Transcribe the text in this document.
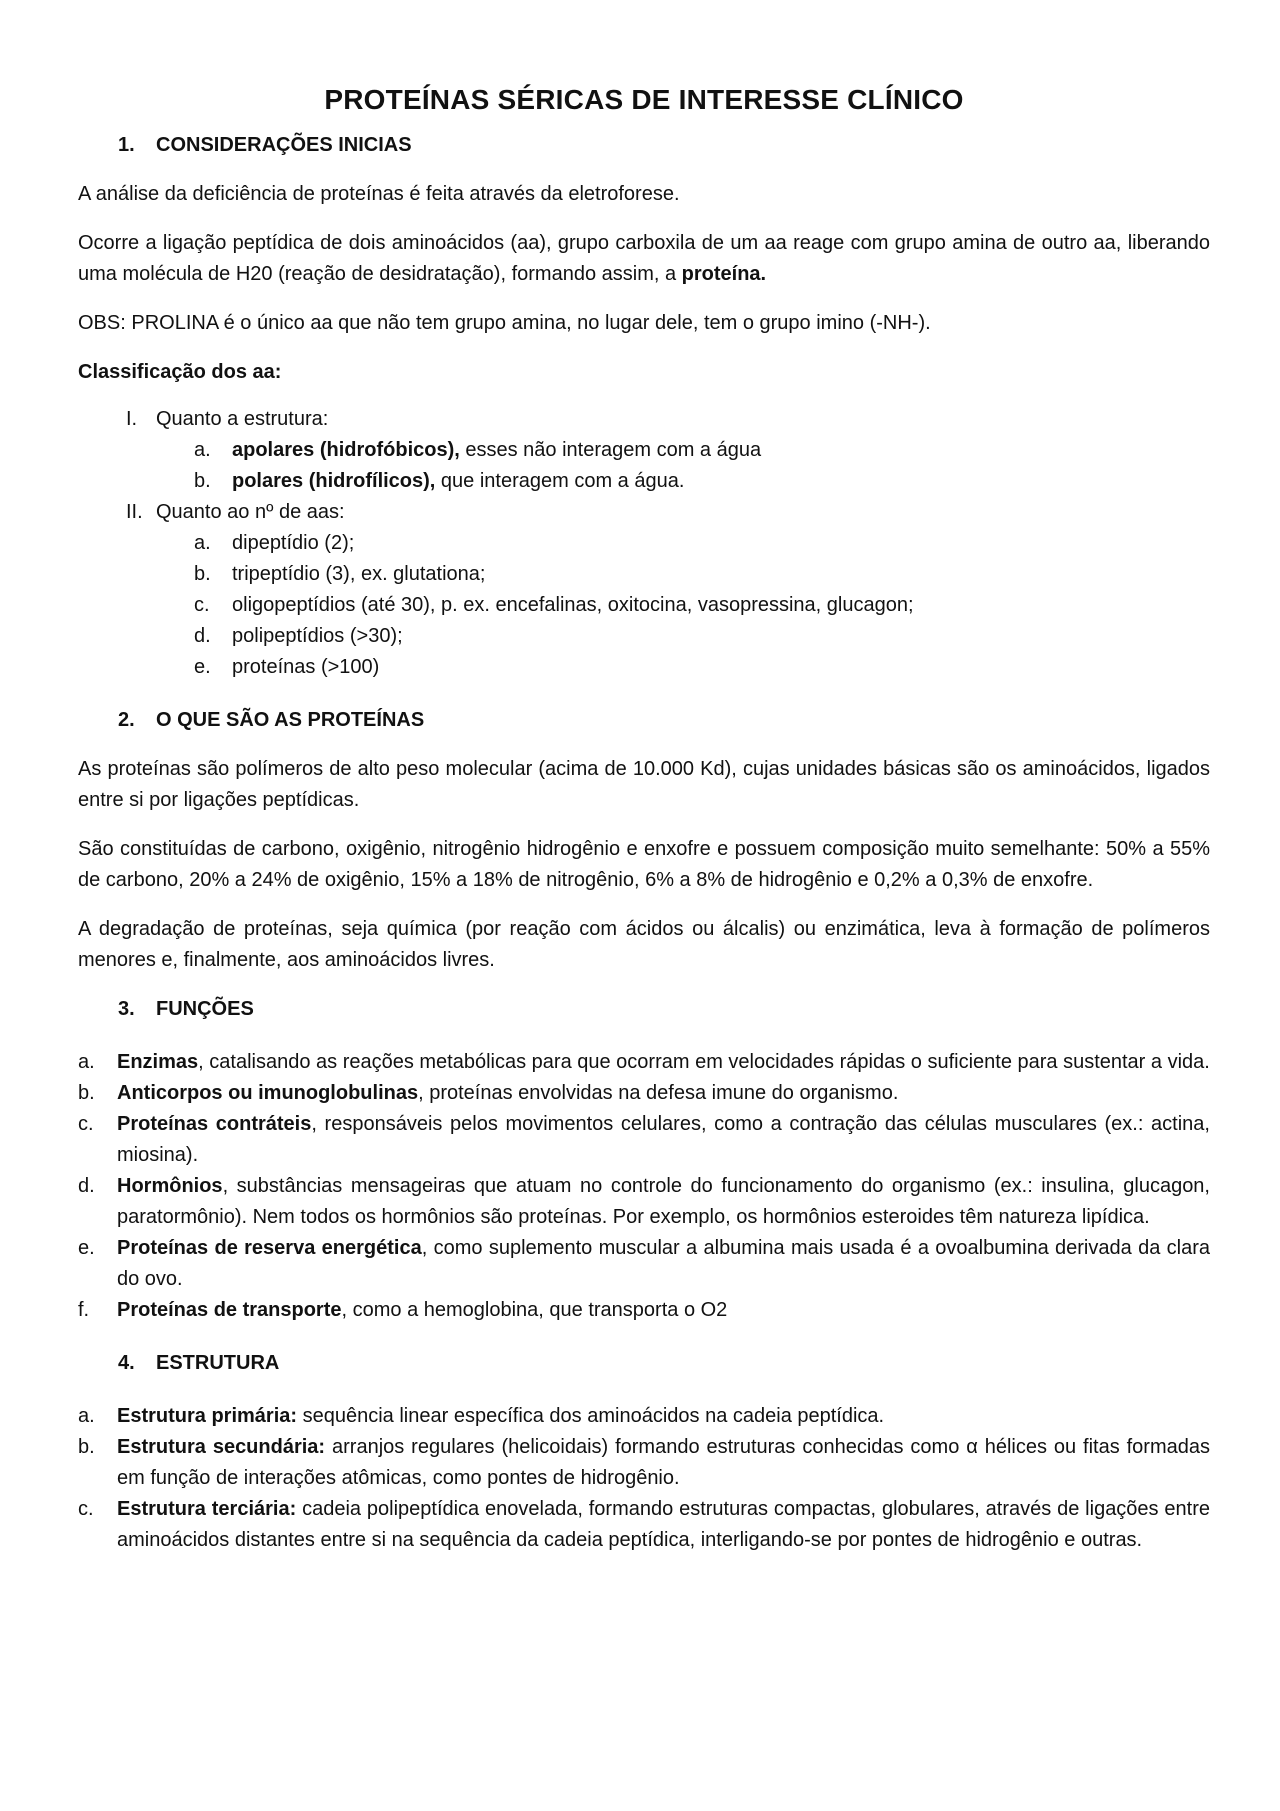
PROTEÍNAS SÉRICAS DE INTERESSE CLÍNICO
1.	CONSIDERAÇÕES INICIAS

A análise da deficiência de proteínas é feita através da eletroforese.

Ocorre a ligação peptídica de dois aminoácidos (aa), grupo carboxila de um aa reage com grupo amina de outro aa, liberando uma molécula de H20 (reação de desidratação), formando assim, a proteína.

OBS: PROLINA é o único aa que não tem grupo amina, no lugar dele, tem o grupo imino (-NH-).

Classificação dos aa:
I. Quanto a estrutura:
a.	apolares (hidrofóbicos), esses não interagem com a água
b.	polares (hidrofílicos), que interagem com a água.
II. Quanto ao nº de aas:
a.	dipeptídio (2);
b.	tripeptídio (3), ex. glutationa;
c.	oligopeptídios (até 30), p. ex. encefalinas, oxitocina, vasopressina, glucagon;
d.	polipeptídios (>30);
e.	proteínas (>100)
2.	O QUE SÃO AS PROTEÍNAS

As proteínas são polímeros de alto peso molecular (acima de 10.000 Kd), cujas unidades básicas são os aminoácidos, ligados entre si por ligações peptídicas.

São constituídas de carbono, oxigênio, nitrogênio hidrogênio e enxofre e possuem composição muito semelhante: 50% a 55% de carbono, 20% a 24% de oxigênio, 15% a 18% de nitrogênio, 6% a 8% de hidrogênio e 0,2% a 0,3% de enxofre.

A degradação de proteínas, seja química (por reação com ácidos ou álcalis) ou enzimática, leva à formação de polímeros menores e, finalmente, aos aminoácidos livres.

3.	FUNÇÕES
a.	Enzimas, catalisando as reações metabólicas para que ocorram em velocidades rápidas o suficiente para sustentar a vida.
b.	Anticorpos ou imunoglobulinas, proteínas envolvidas na defesa imune do organismo.
c.	Proteínas contráteis, responsáveis pelos movimentos celulares, como a contração das células musculares (ex.: actina, miosina).
d.	Hormônios, substâncias mensageiras que atuam no controle do funcionamento do organismo (ex.: insulina, glucagon, paratormônio). Nem todos os hormônios são proteínas. Por exemplo, os hormônios esteroides têm natureza lipídica.
e.	Proteínas de reserva energética, como suplemento muscular a albumina mais usada é a ovoalbumina derivada da clara do ovo.
f.	Proteínas de transporte, como a hemoglobina, que transporta o O2
4.	ESTRUTURA
a.	Estrutura primária: sequência linear específica dos aminoácidos na cadeia peptídica.
b.	Estrutura secundária: arranjos regulares (helicoidais) formando estruturas conhecidas como α hélices ou fitas formadas em função de interações atômicas, como pontes de hidrogênio.
c.	Estrutura terciária: cadeia polipeptídica enovelada, formando estruturas compactas, globulares, através de ligações entre aminoácidos distantes entre si na sequência da cadeia peptídica, interligando-se por pontes de hidrogênio e outras.
